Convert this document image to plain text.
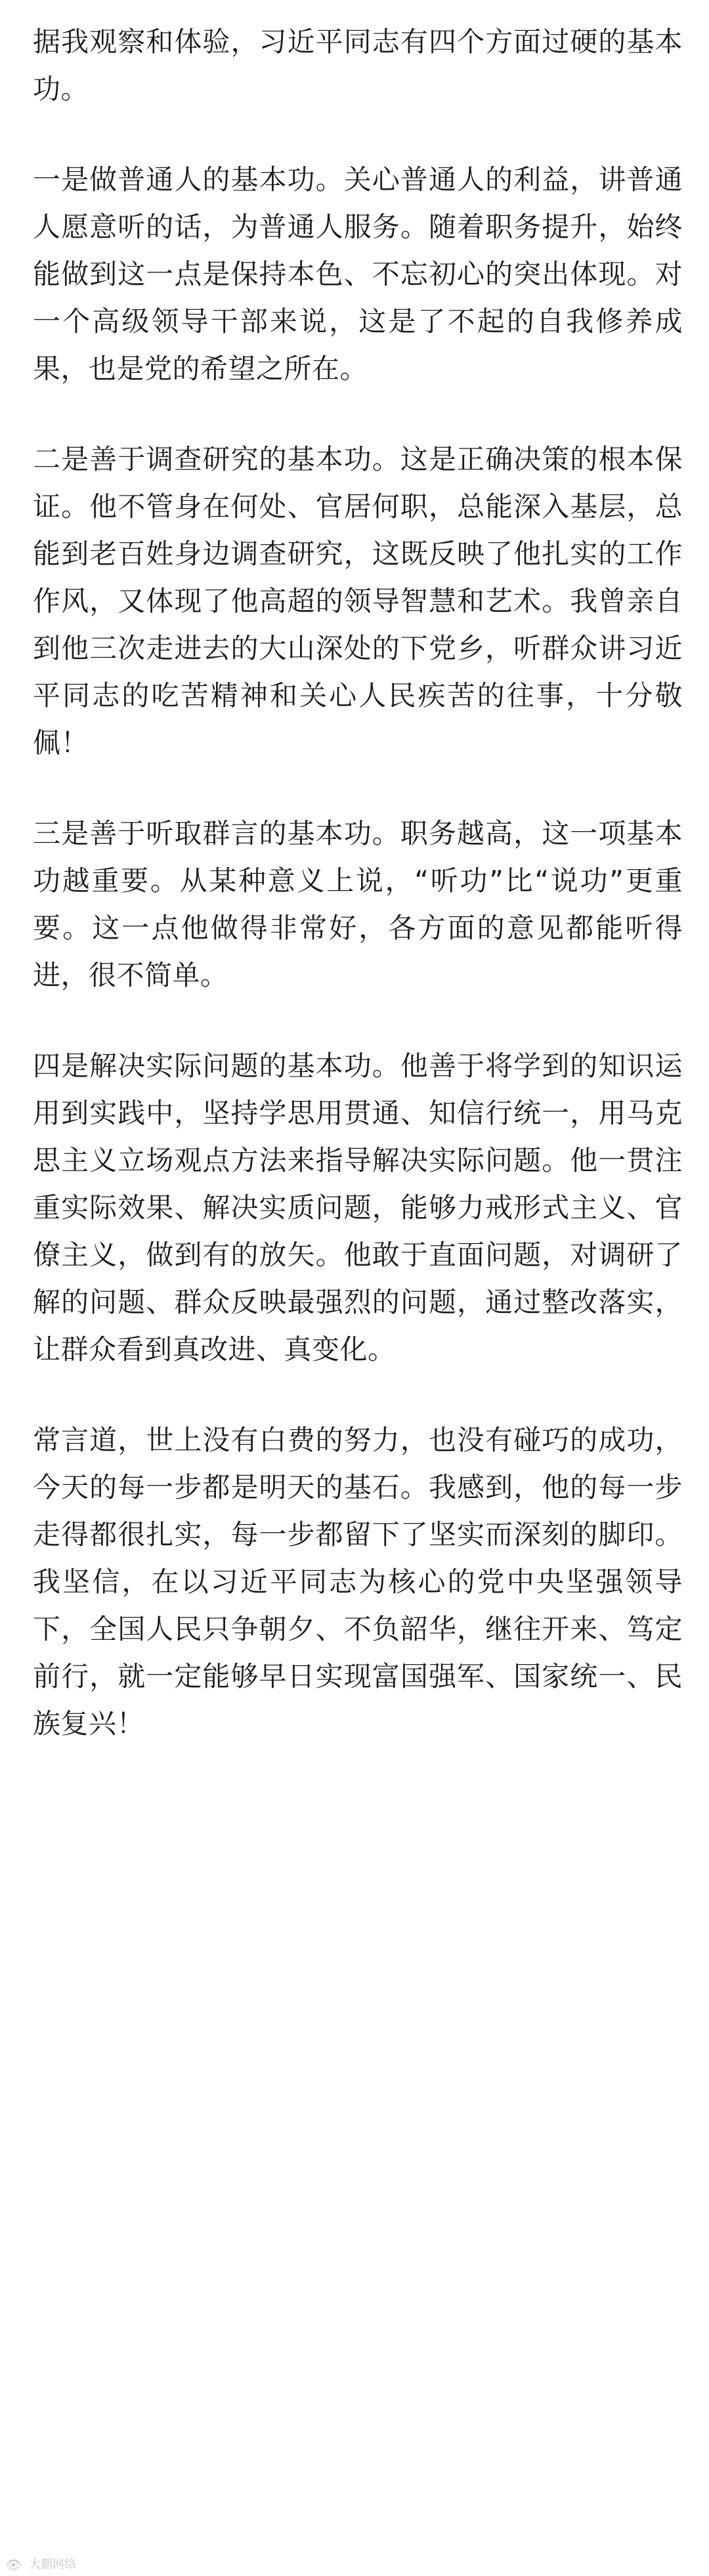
据我观察和体验，习近平同志有四个方面过硬的基本功。

一是做普通人的基本功。关心普通人的利益，讲普通人愿意听的话，为普通人服务。随着职务提升，始终能做到这一点是保持本色、不忘初心的突出体现。对一个高级领导干部来说，这是了不起的自我修养成果，也是党的希望之所在。

二是善于调查研究的基本功。这是正确决策的根本保证。他不管身在何处、官居何职，总能深入基层，总能到老百姓身边调查研究，这既反映了他扎实的工作作风，又体现了他高超的领导智慧和艺术。我曾亲自到他三次走进去的大山深处的下党乡，听群众讲习近平同志的吃苦精神和关心人民疾苦的往事，十分敬佩！

三是善于听取群言的基本功。职务越高，这一项基本功越重要。从某种意义上说，“听功”比“说功”更重要。这一点他做得非常好，各方面的意见都能听得进，很不简单。

四是解决实际问题的基本功。他善于将学到的知识运用到实践中，坚持学思用贯通、知信行统一，用马克思主义立场观点方法来指导解决实际问题。他一贯注重实际效果、解决实质问题，能够力戒形式主义、官僚主义，做到有的放矢。他敢于直面问题，对调研了解的问题、群众反映最强烈的问题，通过整改落实，让群众看到真改进、真变化。

常言道，世上没有白费的努力，也没有碰巧的成功，今天的每一步都是明天的基石。我感到，他的每一步走得都很扎实，每一步都留下了坚实而深刻的脚印。我坚信，在以习近平同志为核心的党中央坚强领导下，全国人民只争朝夕、不负韶华，继往开来、笃定前行，就一定能够早日实现富国强军、国家统一、民族复兴！

👁 大鹏网络
